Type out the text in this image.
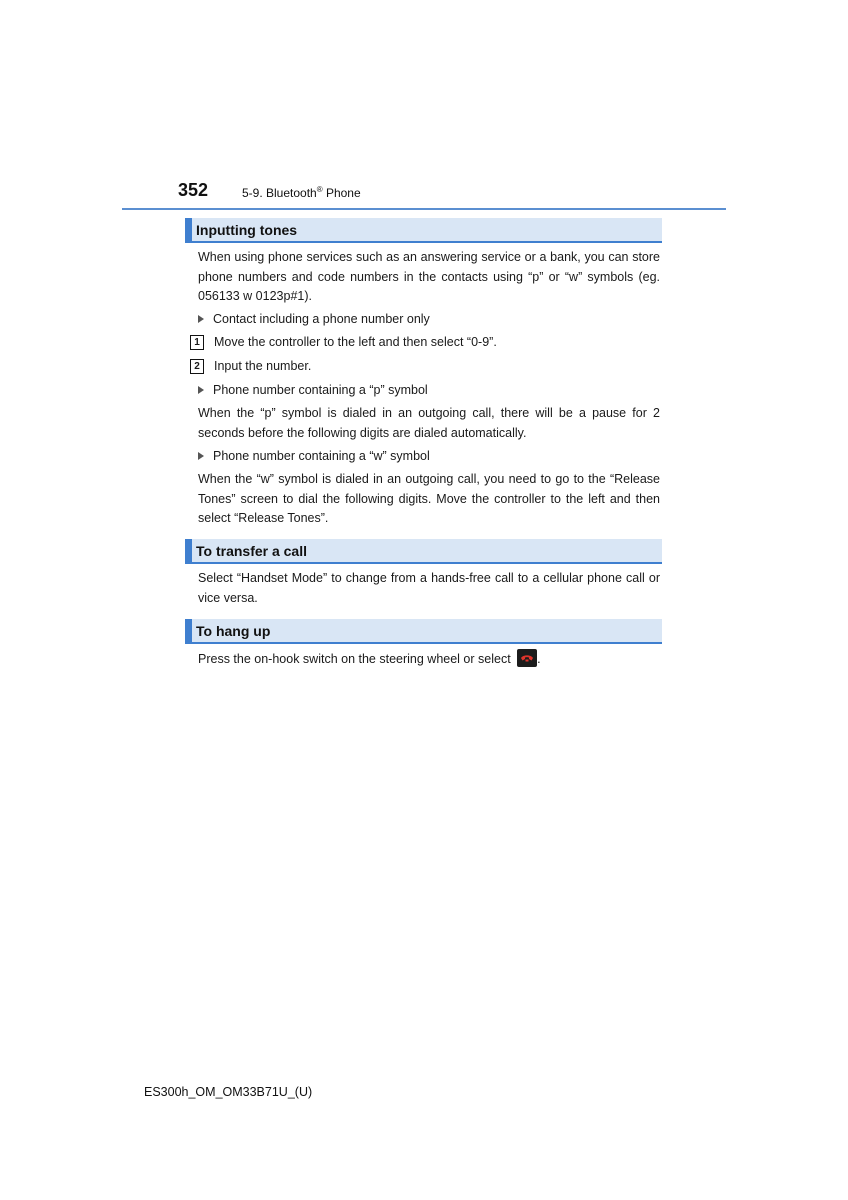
352	5-9. Bluetooth® Phone
Inputting tones
When using phone services such as an answering service or a bank, you can store phone numbers and code numbers in the contacts using “p” or “w” symbols (eg. 056133 w 0123p#1).
Contact including a phone number only
1 Move the controller to the left and then select “0-9”.
2 Input the number.
Phone number containing a “p” symbol
When the “p” symbol is dialed in an outgoing call, there will be a pause for 2 seconds before the following digits are dialed automatically.
Phone number containing a “w” symbol
When the “w” symbol is dialed in an outgoing call, you need to go to the “Release Tones” screen to dial the following digits. Move the controller to the left and then select “Release Tones”.
To transfer a call
Select “Handset Mode” to change from a hands-free call to a cellular phone call or vice versa.
To hang up
Press the on-hook switch on the steering wheel or select .
ES300h_OM_OM33B71U_(U)
